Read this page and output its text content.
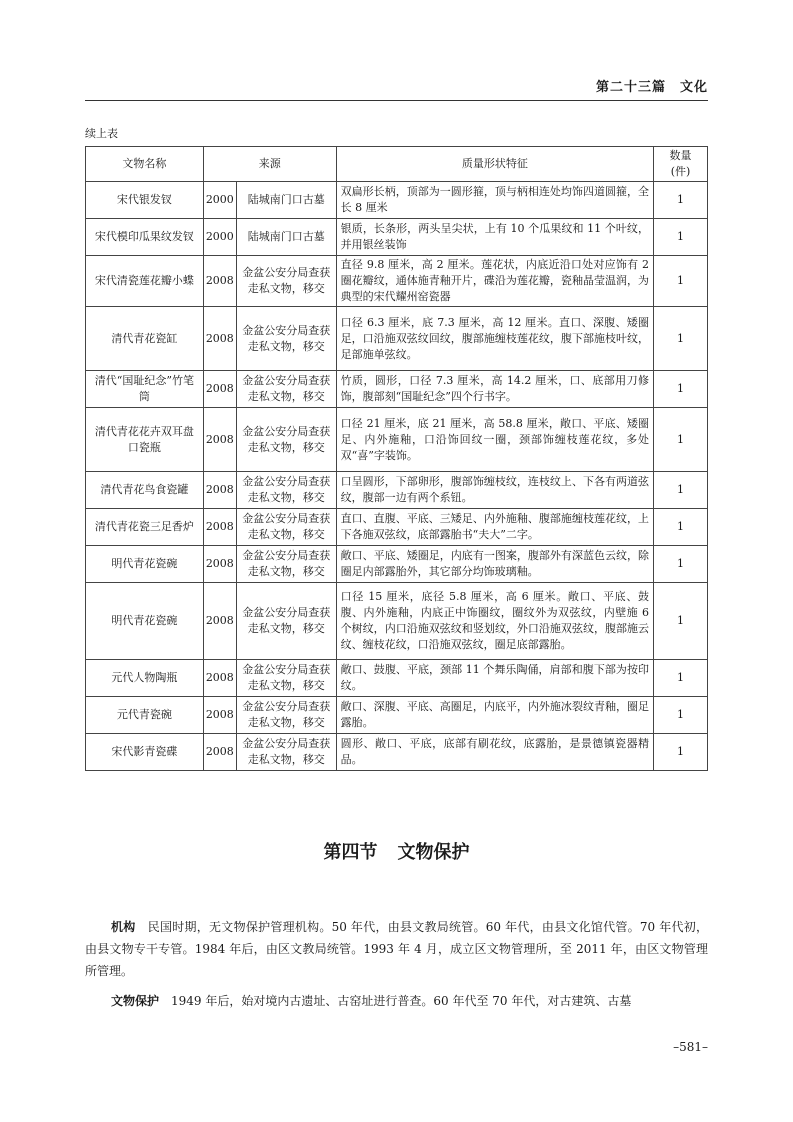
第二十三篇　文化
续上表
文物名称	来源		质量形状特征	数量 (件)
宋代银发钗	2000	陆城南门口古墓	双扁形长柄，顶部为一圆形箍，顶与柄相连处均饰四道圆箍，全长 8 厘米	1
宋代模印瓜果纹发钗	2000	陆城南门口古墓	银质，长条形，两头呈尖状，上有 10 个瓜果纹和 11 个叶纹，并用银丝装饰	1
宋代清瓷莲花瓣小蝶	2008	金盆公安分局查获走私文物，移交	直径 9.8 厘米，高 2 厘米。莲花状，内底近沿口处对应饰有 2 圈花瓣纹，通体施青釉开片，碟沿为莲花瓣，瓷釉晶莹温润，为典型的宋代耀州窑瓷器	1
清代青花瓷缸	2008	金盆公安分局查获走私文物，移交	口径 6.3 厘米，底 7.3 厘米，高 12 厘米。直口、深腹、矮圈足，口沿施双弦纹回纹，腹部施缠枝莲花纹，腹下部施枝叶纹，足部施单弦纹。	1
清代“国耻纪念”竹笔筒	2008	金盆公安分局查获走私文物，移交	竹质，圆形，口径 7.3 厘米，高 14.2 厘米，口、底部用刀修饰，腹部刻“国耻纪念”四个行书字。	1
清代青花花卉双耳盘口瓷瓶	2008	金盆公安分局查获走私文物，移交	口径 21 厘米，底 21 厘米，高 58.8 厘米，敞口、平底、矮圈足、内外施釉，口沿饰回纹一圈，颈部饰缠枝莲花纹，多处双“喜”字装饰。	1
清代青花鸟食瓷罐	2008	金盆公安分局查获走私文物，移交	口呈圆形，下部卵形，腹部饰缠枝纹，连枝纹上、下各有两道弦纹，腹部一边有两个系钮。	1
清代青花瓷三足香炉	2008	金盆公安分局查获走私文物，移交	直口、直腹、平底、三矮足、内外施釉、腹部施缠枝莲花纹，上下各施双弦纹，底部露胎书“夫大”二字。	1
明代青花瓷碗	2008	金盆公安分局查获走私文物，移交	敞口、平底、矮圈足，内底有一图案，腹部外有深蓝色云纹，除圈足内部露胎外，其它部分均饰玻璃釉。	1
明代青花瓷碗	2008	金盆公安分局查获走私文物，移交	口径 15 厘米，底径 5.8 厘米，高 6 厘米。敞口、平底、鼓腹、内外施釉，内底正中饰圈纹，圈纹外为双弦纹，内壁施 6 个树纹，内口沿施双弦纹和竖划纹，外口沿施双弦纹，腹部施云纹、缠枝花纹，口沿施双弦纹，圈足底部露胎。	1
元代人物陶瓶	2008	金盆公安分局查获走私文物，移交	敞口、鼓腹、平底，颈部 11 个舞乐陶俑，肩部和腹下部为按印纹。	1
元代青瓷碗	2008	金盆公安分局查获走私文物，移交	敞口、深腹、平底、高圈足，内底平，内外施冰裂纹青釉，圈足露胎。	1
宋代影青瓷碟	2008	金盆公安分局查获走私文物，移交	圆形、敞口、平底，底部有刷花纹，底露胎，是景德镇瓷器精品。	1
第四节 文物保护
机构　 民国时期，无文物保护管理机构。50 年代，由县文教局统管。60 年代，由县文化馆代管。70 年代初，由县文物专干专管。1984 年后，由区文教局统管。1993 年 4 月，成立区文物管理所，至 2011 年，由区文物管理所管理。
文物保护　 1949 年后，始对境内古遗址、古窑址进行普查。60 年代至 70 年代，对古建筑、古墓
–581–
